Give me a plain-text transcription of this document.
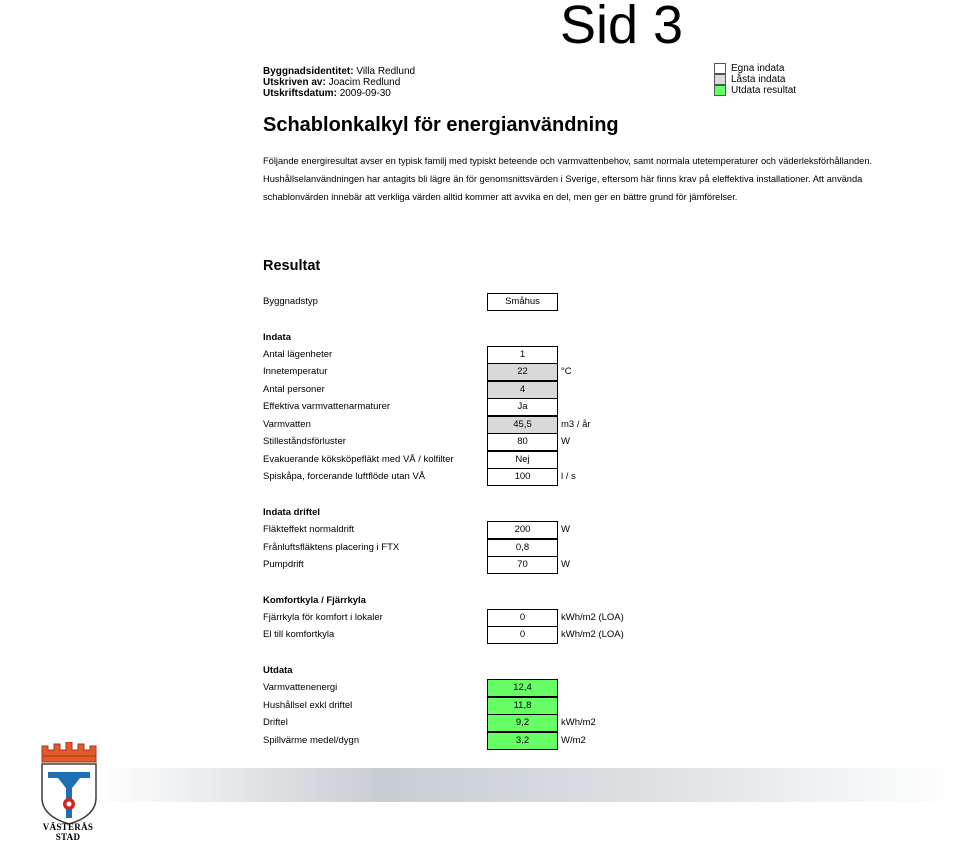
Sid 3
Byggnadsidentitet: Villa Redlund
Utskriven av: Joacim Redlund
Utskriftsdatum: 2009-09-30
Egna indata
Låsta indata
Utdata resultat
Schablonkalkyl för energianvändning
Följande energiresultat avser en typisk familj med typiskt beteende och varmvattenbehov, samt normala utetemperaturer och väderleksförhållanden.
Hushållselanvändningen har antagits bli lägre än för genomsnittsvärden i Sverige, eftersom här finns krav på eleffektiva installationer. Att använda
schablonvärden innebär att verkliga värden alltid kommer att avvika en del, men ger en bättre grund för jämförelser.
Resultat
Byggnadstyp	Småhus
Indata
Antal lägenheter	1
Innetemperatur	22	°C
Antal personer	4
Effektiva varmvattenarmaturer	Ja
Varmvatten	45,5	m3 / år
Stilleståndsförluster	80	W
Evakuerande köksköpefläkt med VÅ / kolfilter	Nej
Spiskåpa, forcerande luftflöde utan VÅ	100	l / s
Indata driftel
Fläkteffekt normaldrift	200	W
Frånluftsfläktens placering i FTX	0,8
Pumpdrift	70	W
Komfortkyla / Fjärrkyla
Fjärrkyla för komfort i lokaler	0	kWh/m2 (LOA)
El till komfortkyla	0	kWh/m2 (LOA)
Utdata
Varmvattenenergi	12,4
Hushållsel exkl driftel	11,8
Driftel	9,2	kWh/m2
Spillvärme medel/dygn	3,2	W/m2
VÄSTERÅS STAD
